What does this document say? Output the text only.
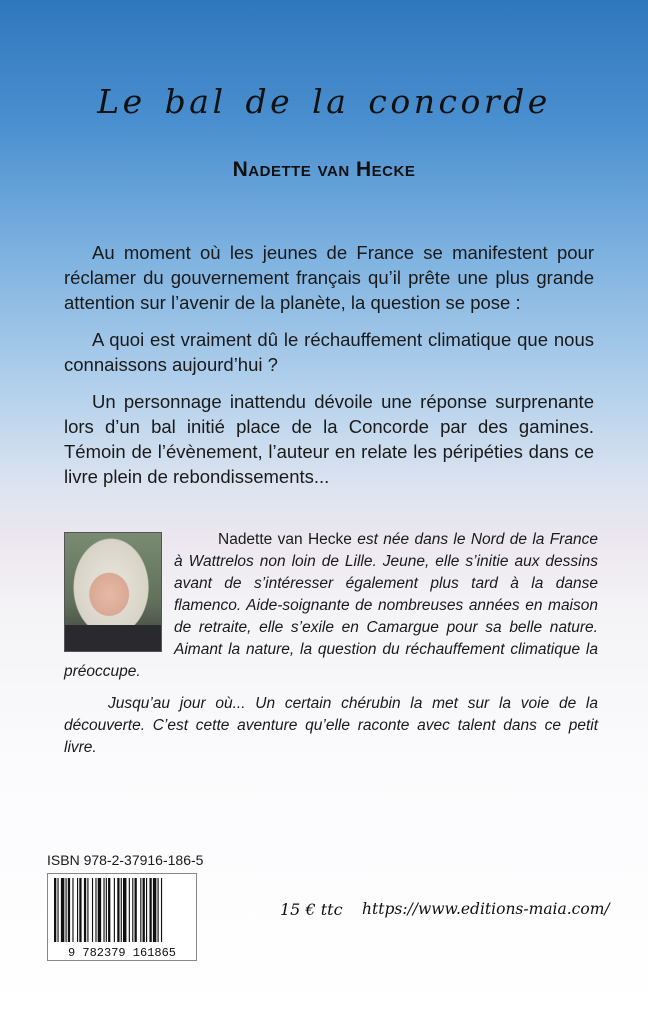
Le bal de la concorde
Nadette van Hecke

Au moment où les jeunes de France se manifestent pour réclamer du gouvernement français qu’il prête une plus grande attention sur l’avenir de la planète, la question se pose :

A quoi est vraiment dû le réchauffement climatique que nous connaissons aujourd’hui ?

Un personnage inattendu dévoile une réponse surprenante lors d’un bal initié place de la Concorde par des gamines. Témoin de l’évènement, l’auteur en relate les péripéties dans ce livre plein de rebondissements...

Nadette van Hecke est née dans le Nord de la France à Wattrelos non loin de Lille. Jeune, elle s’initie aux dessins avant de s’intéresser également plus tard à la danse flamenco. Aide-soignante de nombreuses années en maison de retraite, elle s’exile en Camargue pour sa belle nature. Aimant la nature, la question du réchauffement climatique la préoccupe.

Jusqu’au jour où... Un certain chérubin la met sur la voie de la découverte. C’est cette aventure qu’elle raconte avec talent dans ce petit livre.

ISBN 978-2-37916-186-5
9 782379 161865
15 € ttc https://www.editions-maia.com/
